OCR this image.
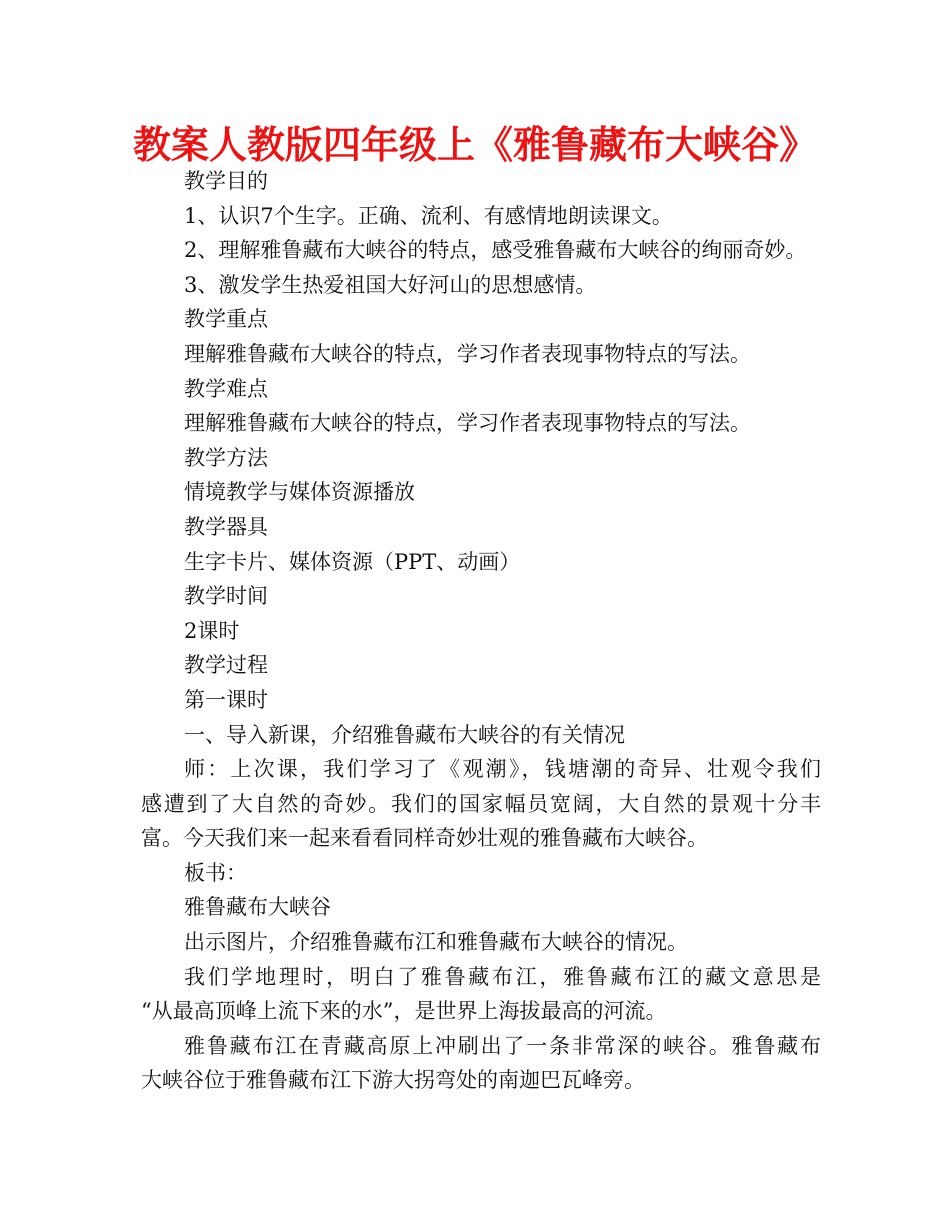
教案人教版四年级上《雅鲁藏布大峡谷》
教学目的
1、认识7个生字。正确、流利、有感情地朗读课文。
2、理解雅鲁藏布大峡谷的特点，感受雅鲁藏布大峡谷的绚丽奇妙。
3、激发学生热爱祖国大好河山的思想感情。
教学重点
理解雅鲁藏布大峡谷的特点，学习作者表现事物特点的写法。
教学难点
理解雅鲁藏布大峡谷的特点，学习作者表现事物特点的写法。
教学方法
情境教学与媒体资源播放
教学器具
生字卡片、媒体资源（PPT、动画）
教学时间
2课时
教学过程
第一课时
一、导入新课，介绍雅鲁藏布大峡谷的有关情况
师：上次课，我们学习了《观潮》，钱塘潮的奇异、壮观令我们
感遭到了大自然的奇妙。我们的国家幅员宽阔，大自然的景观十分丰
富。今天我们来一起来看看同样奇妙壮观的雅鲁藏布大峡谷。
板书：
雅鲁藏布大峡谷
出示图片，介绍雅鲁藏布江和雅鲁藏布大峡谷的情况。
我们学地理时，明白了雅鲁藏布江，雅鲁藏布江的藏文意思是
“从最高顶峰上流下来的水”，是世界上海拔最高的河流。
雅鲁藏布江在青藏高原上冲刷出了一条非常深的峡谷。雅鲁藏布
大峡谷位于雅鲁藏布江下游大拐弯处的南迦巴瓦峰旁。
